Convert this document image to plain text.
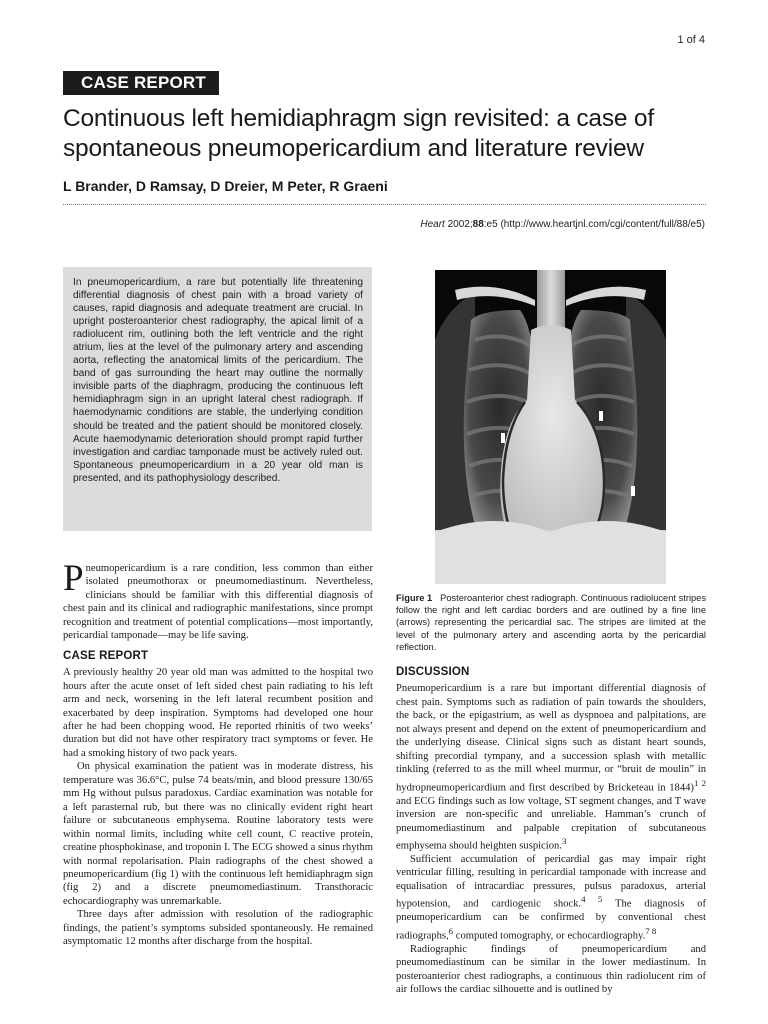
1 of 4
CASE REPORT
Continuous left hemidiaphragm sign revisited: a case of spontaneous pneumopericardium and literature review
L Brander, D Ramsay, D Dreier, M Peter, R Graeni
Heart 2002;88:e5 (http://www.heartjnl.com/cgi/content/full/88/e5)
In pneumopericardium, a rare but potentially life threatening differential diagnosis of chest pain with a broad variety of causes, rapid diagnosis and adequate treatment are crucial. In upright posteroanterior chest radiography, the apical limit of a radiolucent rim, outlining both the left ventricle and the right atrium, lies at the level of the pulmonary artery and ascending aorta, reflecting the anatomical limits of the pericardium. The band of gas surrounding the heart may outline the normally invisible parts of the diaphragm, producing the continuous left hemidiaphragm sign in an upright lateral chest radiograph. If haemodynamic conditions are stable, the underlying condition should be treated and the patient should be monitored closely. Acute haemodynamic deterioration should prompt rapid further investigation and cardiac tamponade must be actively ruled out. Spontaneous pneumopericardium in a 20 year old man is presented, and its pathophysiology described.
Figure 1 Posteroanterior chest radiograph. Continuous radiolucent stripes follow the right and left cardiac borders and are outlined by a fine line (arrows) representing the pericardial sac. The stripes are limited at the level of the pulmonary artery and ascending aorta by the pericardial reflection.

Pneumopericardium is a rare condition, less common than either isolated pneumothorax or pneumomediastinum. Nevertheless, clinicians should be familiar with this differential diagnosis of chest pain and its clinical and radiographic manifestations, since prompt recognition and treatment of potential complications—most importantly, pericardial tamponade—may be life saving.

CASE REPORT

A previously healthy 20 year old man was admitted to the hospital two hours after the acute onset of left sided chest pain radiating to his left arm and neck, worsening in the left lateral recumbent position and exacerbated by deep inspiration. Symptoms had developed one hour after he had been chopping wood. He reported rhinitis of two weeks’ duration but did not have other respiratory tract symptoms or fever. He had a smoking history of two pack years.

On physical examination the patient was in moderate distress, his temperature was 36.6°C, pulse 74 beats/min, and blood pressure 130/65 mm Hg without pulsus paradoxus. Cardiac examination was notable for a left parasternal rub, but there was no clinically evident right heart failure or subcutaneous emphysema. Routine laboratory tests were within normal limits, including white cell count, C reactive protein, creatine phosphokinase, and troponin I. The ECG showed a sinus rhythm with normal repolarisation. Plain radiographs of the chest showed a pneumopericardium (fig 1) with the continuous left hemidiaphragm sign (fig 2) and a discrete pneumomediastinum. Transthoracic echocardiography was unremarkable.

Three days after admission with resolution of the radiographic findings, the patient’s symptoms subsided spontaneously. He remained asymptomatic 12 months after discharge from the hospital.

DISCUSSION

Pneumopericardium is a rare but important differential diagnosis of chest pain. Symptoms such as radiation of pain towards the shoulders, the back, or the epigastrium, as well as dyspnoea and palpitations, are not always present and depend on the extent of pneumopericardium and the underlying disease. Clinical signs such as distant heart sounds, shifting precordial tympany, and a succession splash with metallic tinkling (referred to as the mill wheel murmur, or “bruit de moulin” in hydropneumopericardium and first described by Bricketeau in 1844)$^{1 2}$ and ECG findings such as low voltage, ST segment changes, and T wave inversion are non-specific and unreliable. Hamman’s crunch of pneumomediastinum and palpable crepitation of subcutaneous emphysema should heighten suspicion.$^3$

Sufficient accumulation of pericardial gas may impair right ventricular filling, resulting in pericardial tamponade with increase and equalisation of intracardiac pressures, pulsus paradoxus, arterial hypotension, and cardiogenic shock.$^{4 5}$ The diagnosis of pneumopericardium can be confirmed by conventional chest radiographs,$^6$ computed tomography, or echocardiography.$^{7 8}$

Radiographic findings of pneumopericardium and pneumomediastinum can be similar in the lower mediastinum. In posteroanterior chest radiographs, a continuous thin radiolucent rim of air follows the cardiac silhouette and is outlined by
